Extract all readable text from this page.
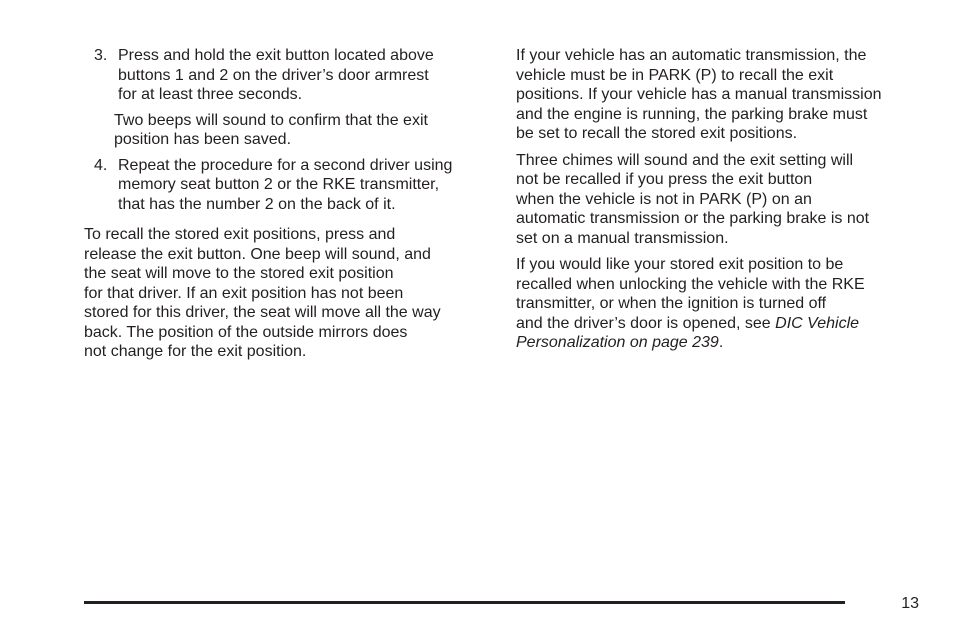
3. Press and hold the exit button located above
buttons 1 and 2 on the driver’s door armrest
for at least three seconds.
Two beeps will sound to confirm that the exit
position has been saved.
4. Repeat the procedure for a second driver using
memory seat button 2 or the RKE transmitter,
that has the number 2 on the back of it.

To recall the stored exit positions, press and
release the exit button. One beep will sound, and
the seat will move to the stored exit position
for that driver. If an exit position has not been
stored for this driver, the seat will move all the way
back. The position of the outside mirrors does
not change for the exit position.

If your vehicle has an automatic transmission, the
vehicle must be in PARK (P) to recall the exit
positions. If your vehicle has a manual transmission
and the engine is running, the parking brake must
be set to recall the stored exit positions.

Three chimes will sound and the exit setting will
not be recalled if you press the exit button
when the vehicle is not in PARK (P) on an
automatic transmission or the parking brake is not
set on a manual transmission.

If you would like your stored exit position to be
recalled when unlocking the vehicle with the RKE
transmitter, or when the ignition is turned off
and the driver’s door is opened, see DIC Vehicle
Personalization on page 239.

13
